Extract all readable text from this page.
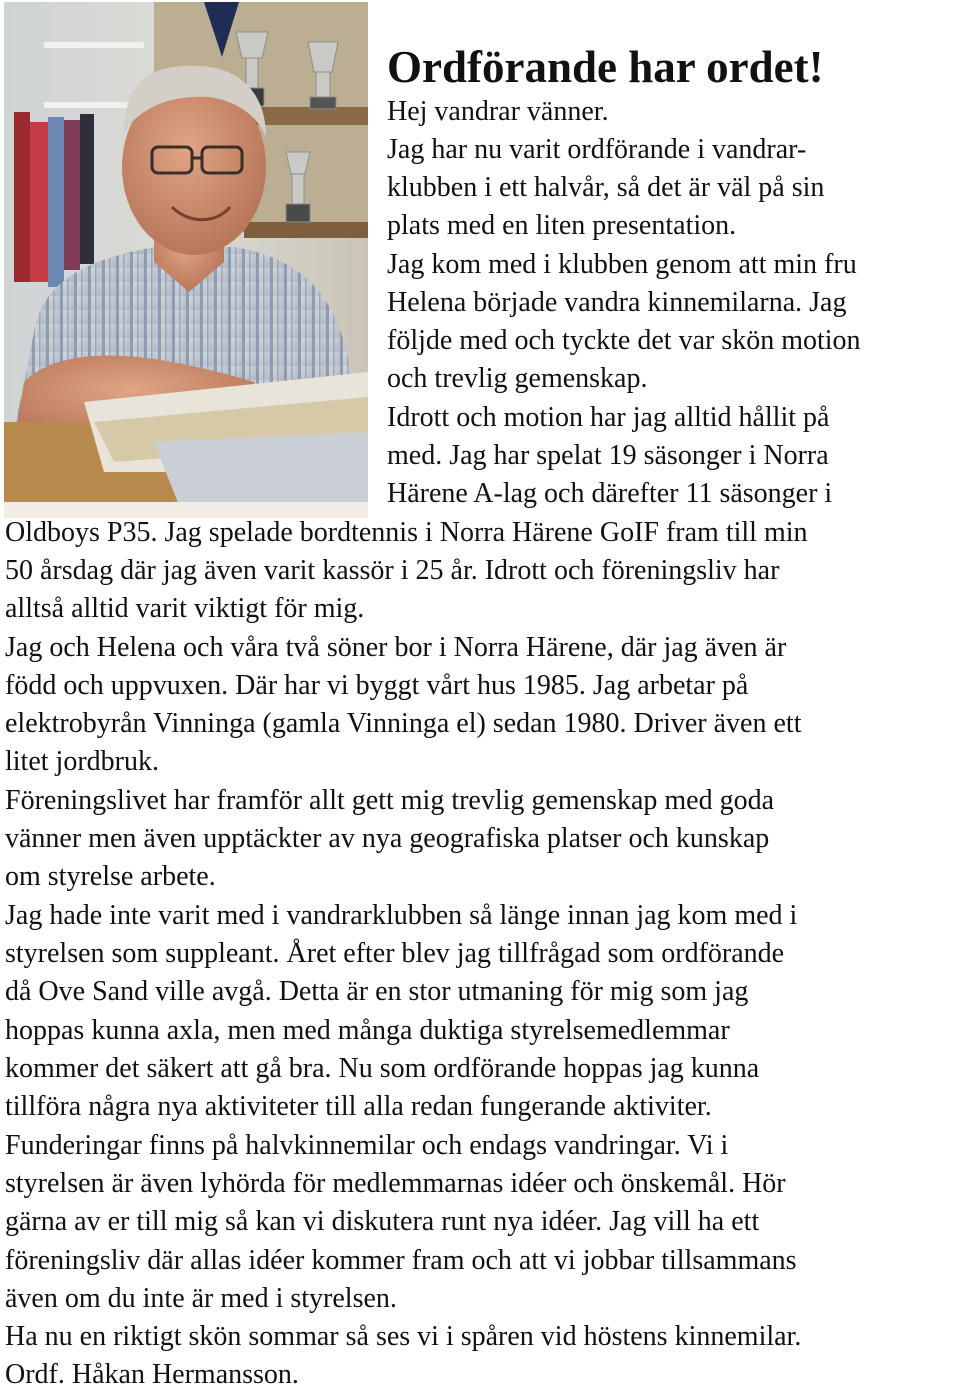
Ordförande har ordet!

Hej vandrar vänner.

Jag har nu varit ordförande i vandrar-

klubben i ett halvår, så det är väl på sin

plats med en liten presentation.

Jag kom med i klubben genom att min fru

Helena började vandra kinnemilarna. Jag

följde med och tyckte det var skön motion

och trevlig gemenskap.

Idrott och motion har jag alltid hållit på

med. Jag har spelat 19 säsonger i Norra

Härene A-lag och därefter 11 säsonger i

Oldboys P35. Jag spelade bordtennis i Norra Härene GoIF fram till min

50 årsdag där jag även varit kassör i 25 år. Idrott och föreningsliv har

alltså alltid varit viktigt för mig.

Jag och Helena och våra två söner bor i Norra Härene, där jag även är

född och uppvuxen. Där har vi byggt vårt hus 1985. Jag arbetar på

elektrobyrån Vinninga (gamla Vinninga el) sedan 1980. Driver även ett

litet jordbruk.

Föreningslivet har framför allt gett mig trevlig gemenskap med goda

vänner men även upptäckter av nya geografiska platser och kunskap

om styrelse arbete.

Jag hade inte varit med i vandrarklubben så länge innan jag kom med i

styrelsen som suppleant. Året efter blev jag tillfrågad som ordförande

då Ove Sand ville avgå. Detta är en stor utmaning för mig som jag

hoppas kunna axla, men med många duktiga styrelsemedlemmar

kommer det säkert att gå bra. Nu som ordförande hoppas jag kunna

tillföra några nya aktiviteter till alla redan fungerande aktiviter.

Funderingar finns på halvkinnemilar och endags vandringar. Vi i

styrelsen är även lyhörda för medlemmarnas idéer och önskemål. Hör

gärna av er till mig så kan vi diskutera runt nya idéer. Jag vill ha ett

föreningsliv där allas idéer kommer fram och att vi jobbar tillsammans

även om du inte är med i styrelsen.

Ha nu en riktigt skön sommar så ses vi i spåren vid höstens kinnemilar.

Ordf. Håkan Hermansson.
